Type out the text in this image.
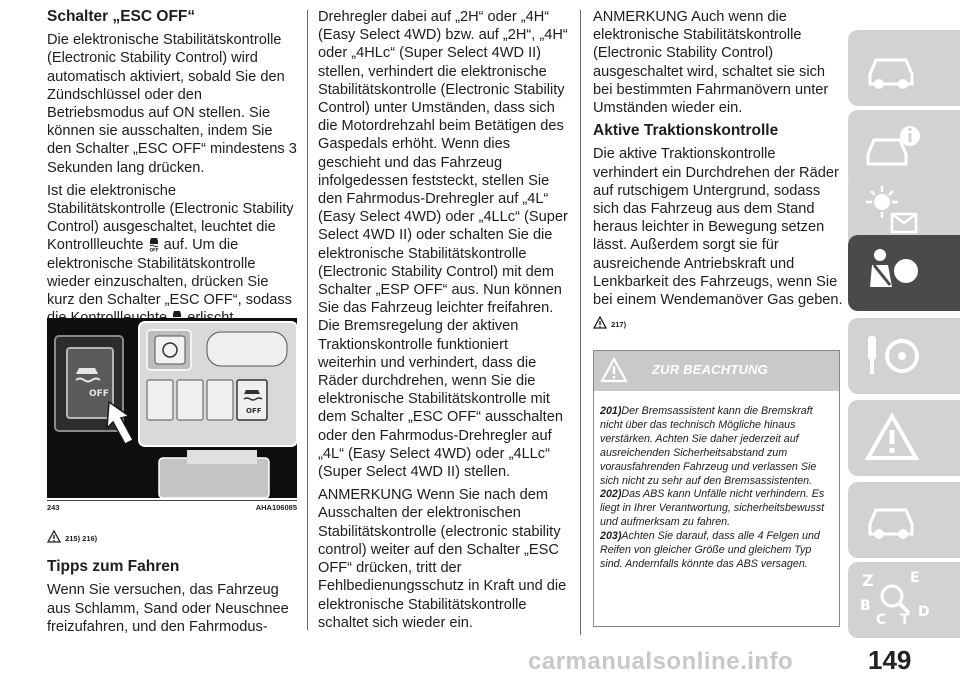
Schalter „ESC OFF“

Die elektronische Stabilitätskontrolle (Electronic Stability Control) wird automatisch aktiviert, sobald Sie den Zündschlüssel oder den Betriebsmodus auf ON stellen. Sie können sie ausschalten, indem Sie den Schalter „ESC OFF“ mindestens 3 Sekunden lang drücken.

Ist die elektronische Stabilitätskontrolle (Electronic Stability Control) ausgeschaltet, leuchtet die Kontrollleuchte OFF auf. Um die elektronische Stabilitätskontrolle wieder einzuschalten, drücken Sie kurz den Schalter „ESC OFF“, sodass

OFF
OFF
243	AHA106085
215) 216)

Tipps zum Fahren

Wenn Sie versuchen, das Fahrzeug aus Schlamm, Sand oder Neuschnee freizufahren, und den Fahrmodus-

Drehregler dabei auf „2H“ oder „4H“ (Easy Select 4WD) bzw. auf „2H“, „4H“ oder „4HLc“ (Super Select 4WD II) stellen, verhindert die elektronische Stabilitätskontrolle (Electronic Stability Control) unter Umständen, dass sich die Motordrehzahl beim Betätigen des Gaspedals erhöht. Wenn dies geschieht und das Fahrzeug infolgedessen feststeckt, stellen Sie den Fahrmodus-Drehregler auf „4L“ (Easy Select 4WD) oder „4LLc“ (Super Select 4WD II) oder schalten Sie die elektronische Stabilitätskontrolle (Electronic Stability Control) mit dem Schalter „ESP OFF“ aus. Nun können Sie das Fahrzeug leichter freifahren. Die Bremsregelung der aktiven Traktionskontrolle funktioniert weiterhin und verhindert, dass die Räder durchdrehen, wenn Sie die elektronische Stabilitätskontrolle mit dem Schalter „ESC OFF“ ausschalten oder den Fahrmodus-Drehregler auf „4L“ (Easy Select 4WD) oder „4LLc“ (Super Select 4WD II) stellen.

ANMERKUNG Wenn Sie nach dem Ausschalten der elektronischen Stabilitätskontrolle (electronic stability control) weiter auf den Schalter „ESC OFF“ drücken, tritt der Fehlbedienungsschutz in Kraft und die elektronische Stabilitätskontrolle schaltet sich wieder ein.

ANMERKUNG Auch wenn die elektronische Stabilitätskontrolle (Electronic Stability Control) ausgeschaltet wird, schaltet sie sich bei bestimmten Fahrmanövern unter Umständen wieder ein.

Aktive Traktionskontrolle

Die aktive Traktionskontrolle verhindert ein Durchdrehen der Räder auf rutschigem Untergrund, sodass sich das Fahrzeug aus dem Stand heraus leichter in Bewegung setzen lässt. Außerdem sorgt sie für ausreichende Antriebskraft und Lenkbarkeit des Fahrzeugs, wenn Sie bei einem Wendemanöver Gas geben.

217)
ZUR BEACHTUNG

201)Der Bremsassistent kann die Bremskraft nicht über das technisch Mögliche hinaus verstärken. Achten Sie daher jederzeit auf ausreichenden Sicherheitsabstand zum vorausfahrenden Fahrzeug und verlassen Sie sich nicht zu sehr auf den Bremsassistenten.

202)Das ABS kann Unfälle nicht verhindern. Es liegt in Ihrer Verantwortung, sicherheitsbewusst und aufmerksam zu fahren.

203)Achten Sie darauf, dass alle 4 Felgen und Reifen von gleicher Größe und gleichem Typ sind. Andernfalls könnte das ABS versagen.

Z	E
B
C T D
carmanualsonline.info	149
